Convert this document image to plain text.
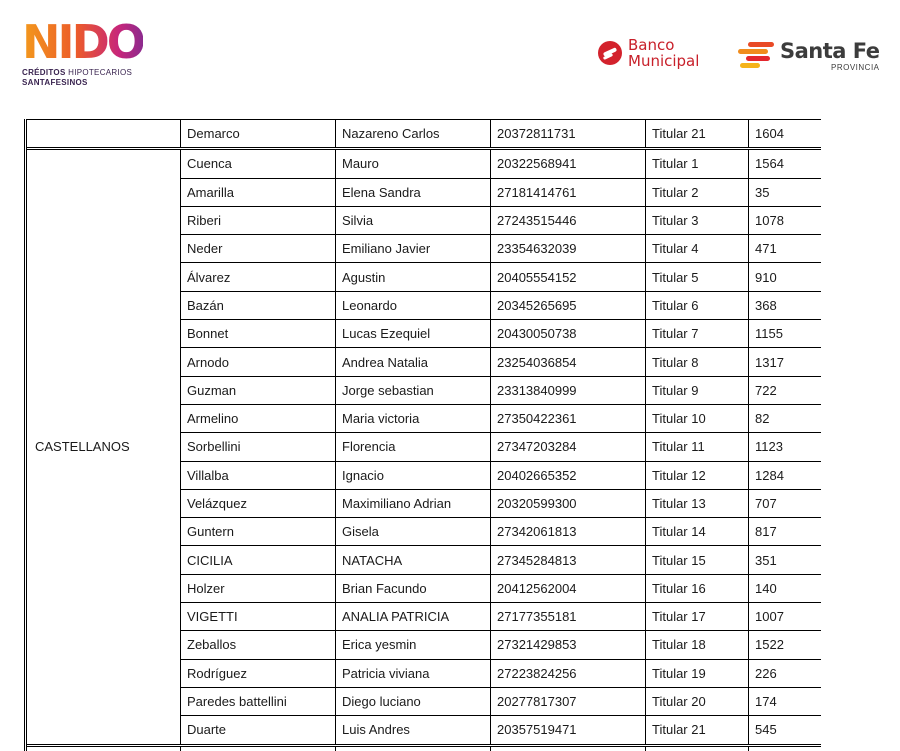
NIDO
CRÉDITOS HIPOTECARIOS
SANTAFESINOS
Banco
Municipal	Santa Fe
PROVINCIA
	Demarco	Nazareno Carlos	20372811731	Titular 21	1604
CASTELLANOS	Cuenca	Mauro	20322568941	Titular 1	1564
	Amarilla	Elena Sandra	27181414761	Titular 2	35
	Riberi	Silvia	27243515446	Titular 3	1078
	Neder	Emiliano Javier	23354632039	Titular 4	471
	Álvarez	Agustin	20405554152	Titular 5	910
	Bazán	Leonardo	20345265695	Titular 6	368
	Bonnet	Lucas Ezequiel	20430050738	Titular 7	1155
	Arnodo	Andrea Natalia	23254036854	Titular 8	1317
	Guzman	Jorge sebastian	23313840999	Titular 9	722
	Armelino	Maria victoria	27350422361	Titular 10	82
	Sorbellini	Florencia	27347203284	Titular 11	1123
	Villalba	Ignacio	20402665352	Titular 12	1284
	Velázquez	Maximiliano Adrian	20320599300	Titular 13	707
	Guntern	Gisela	27342061813	Titular 14	817
	CICILIA	NATACHA	27345284813	Titular 15	351
	Holzer	Brian Facundo	20412562004	Titular 16	140
	VIGETTI	ANALIA PATRICIA	27177355181	Titular 17	1007
	Zeballos	Erica yesmin	27321429853	Titular 18	1522
	Rodríguez	Patricia viviana	27223824256	Titular 19	226
	Paredes battellini	Diego luciano	20277817307	Titular 20	174
	Duarte	Luis Andres	20357519471	Titular 21	545
